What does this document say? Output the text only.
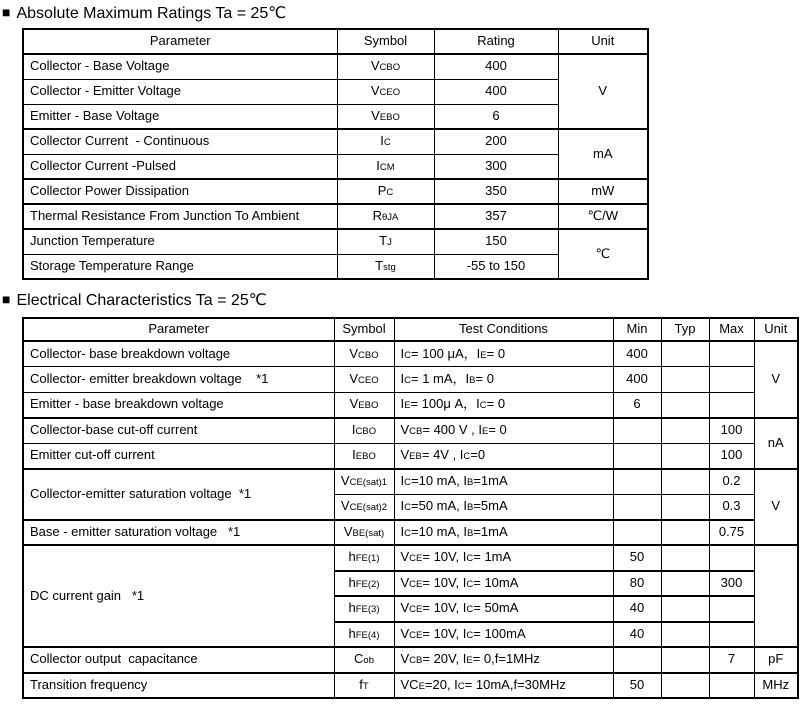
■ Absolute Maximum Ratings Ta = 25℃
Parameter	Symbol	Rating	Unit
Collector - Base Voltage	VCBO	400	V
Collector - Emitter Voltage	VCEO	400	
Emitter - Base Voltage	VEBO	6	
Collector Current  - Continuous	IC	200	mA
Collector Current -Pulsed	ICM	300	
Collector Power Dissipation	PC	350	mW
Thermal Resistance From Junction To Ambient	RθJA	357	℃/W
Junction Temperature	TJ	150	℃
Storage Temperature Range	Tstg	-55 to 150	
■ Electrical Characteristics Ta = 25℃
Parameter	Symbol	Test Conditions	Min	Typ	Max	Unit
Collector- base breakdown voltage	VCBO	IC= 100 μA，IE= 0	400			V
Collector- emitter breakdown voltage    *1	VCEO	IC= 1 mA，IB= 0	400			
Emitter - base breakdown voltage	VEBO	IE= 100μ A，IC= 0	6			
Collector-base cut-off current	ICBO	VCB= 400 V , IE= 0			100	nA
Emitter cut-off current	IEBO	VEB= 4V , IC=0			100	
Collector-emitter saturation voltage  *1	VCE(sat)1	IC=10 mA, IB=1mA			0.2	V
	VCE(sat)2	IC=50 mA, IB=5mA			0.3	
Base - emitter saturation voltage   *1	VBE(sat)	IC=10 mA, IB=1mA			0.75	
DC current gain   *1	hFE(1)	VCE= 10V, IC= 1mA	50			
	hFE(2)	VCE= 10V, IC= 10mA	80		300	
	hFE(3)	VCE= 10V, IC= 50mA	40			
	hFE(4)	VCE= 10V, IC= 100mA	40			
Collector output  capacitance	Cob	VCB= 20V, IE= 0,f=1MHz			7	pF
Transition frequency	fT	VCE=20, IC= 10mA,f=30MHz	50			MHz
